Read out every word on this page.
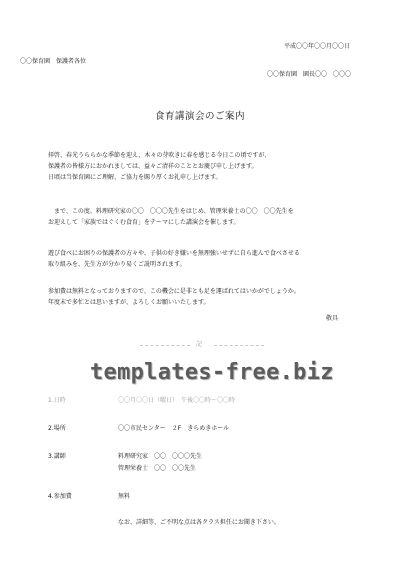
平成〇〇年〇〇月〇〇日
〇〇保育園　保護者各位
〇〇保育園　園長〇〇　〇〇〇
食育講演会のご案内
拝啓、春光うららかな季節を迎え、木々の芽吹きに春を感じる今日この頃ですが、
保護者の皆様方におかれましては、益々ご清祥のこととお慶び申し上げます。
日頃は当保育園にご理解、ご協力を賜り厚くお礼申し上げます。
　まで、この度、料理研究家の〇〇　〇〇〇先生をはじめ、管理栄養士の〇〇　〇〇先生を
お迎えして「家族ではぐくむ食育」をテーマにした講演会を催します。
遊び食べにお困りの保護者の方々や、子供の好き嫌いを無理強いせずに自ら進んで食べさせる
取り組みを、先生方が分かり易くご説明されます。
参加費は無料となっておりますので、この機会に是非とも足を運ばれてはいかがでしょうか。
年度末で多忙とは思いますが、よろしくお願いいたします。
敬具
記
templates-free.biz
1.日時	〇〇月〇〇日（曜日）　午後〇〇時〜〇〇時
2.場所	〇〇市民センター　２F　きらめきホール
3.講師	料理研究家　〇〇　〇〇〇先生
管理栄養士　〇〇　〇〇先生
4.参加費	無料
なお、詳細等、ご不明な点は各クラス担任にお聞き下さい。
